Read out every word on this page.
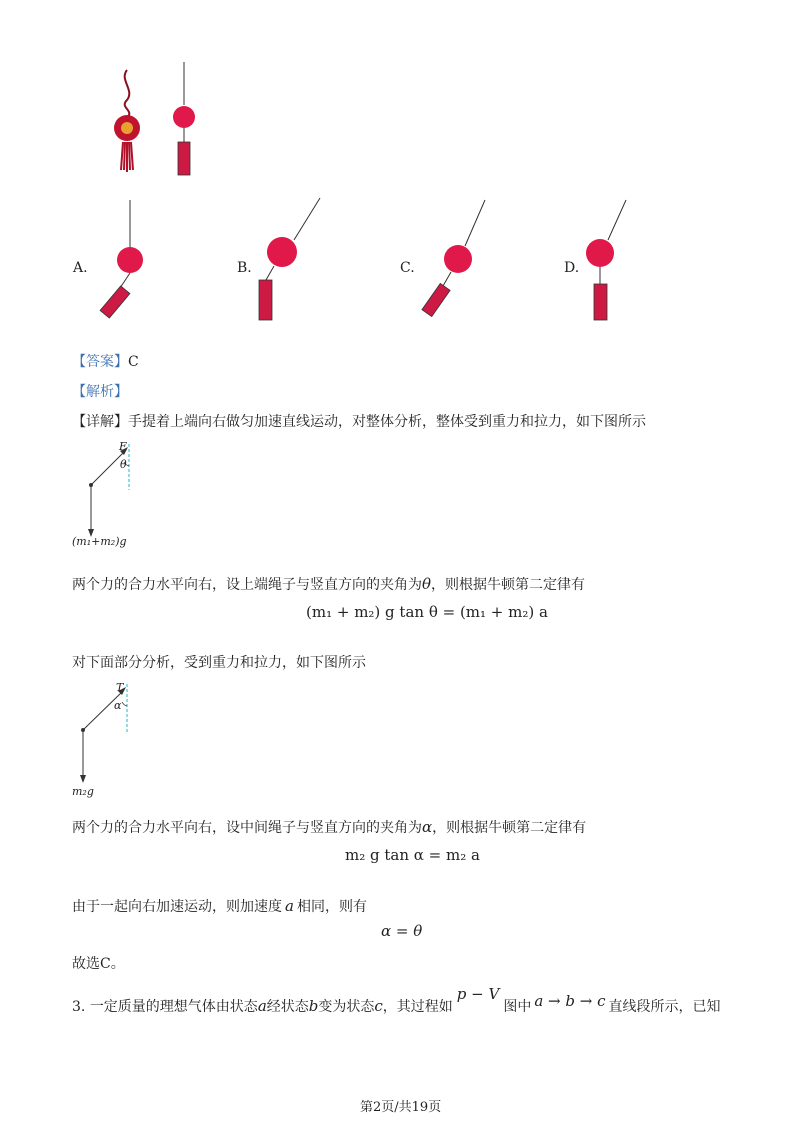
A.	B.	C.	D.
【答案】C
【解析】
【详解】手提着上端向右做匀加速直线运动，对整体分析，整体受到重力和拉力，如下图所示
F
θ
(m₁+m₂)g
两个力的合力水平向右，设上端绳子与竖直方向的夹角为θ，则根据牛顿第二定律有
(m₁ + m₂) g tan θ = (m₁ + m₂) a
对下面部分分析，受到重力和拉力，如下图所示
T
α
m₂g
两个力的合力水平向右，设中间绳子与竖直方向的夹角为α，则根据牛顿第二定律有
m₂ g tan α = m₂ a
由于一起向右加速运动，则加速度 a 相同，则有
α = θ
故选C。
3. 一定质量的理想气体由状态a经状态b变为状态c，其过程如p − V图中 a → b → c 直线段所示，已知
第2页/共19页
